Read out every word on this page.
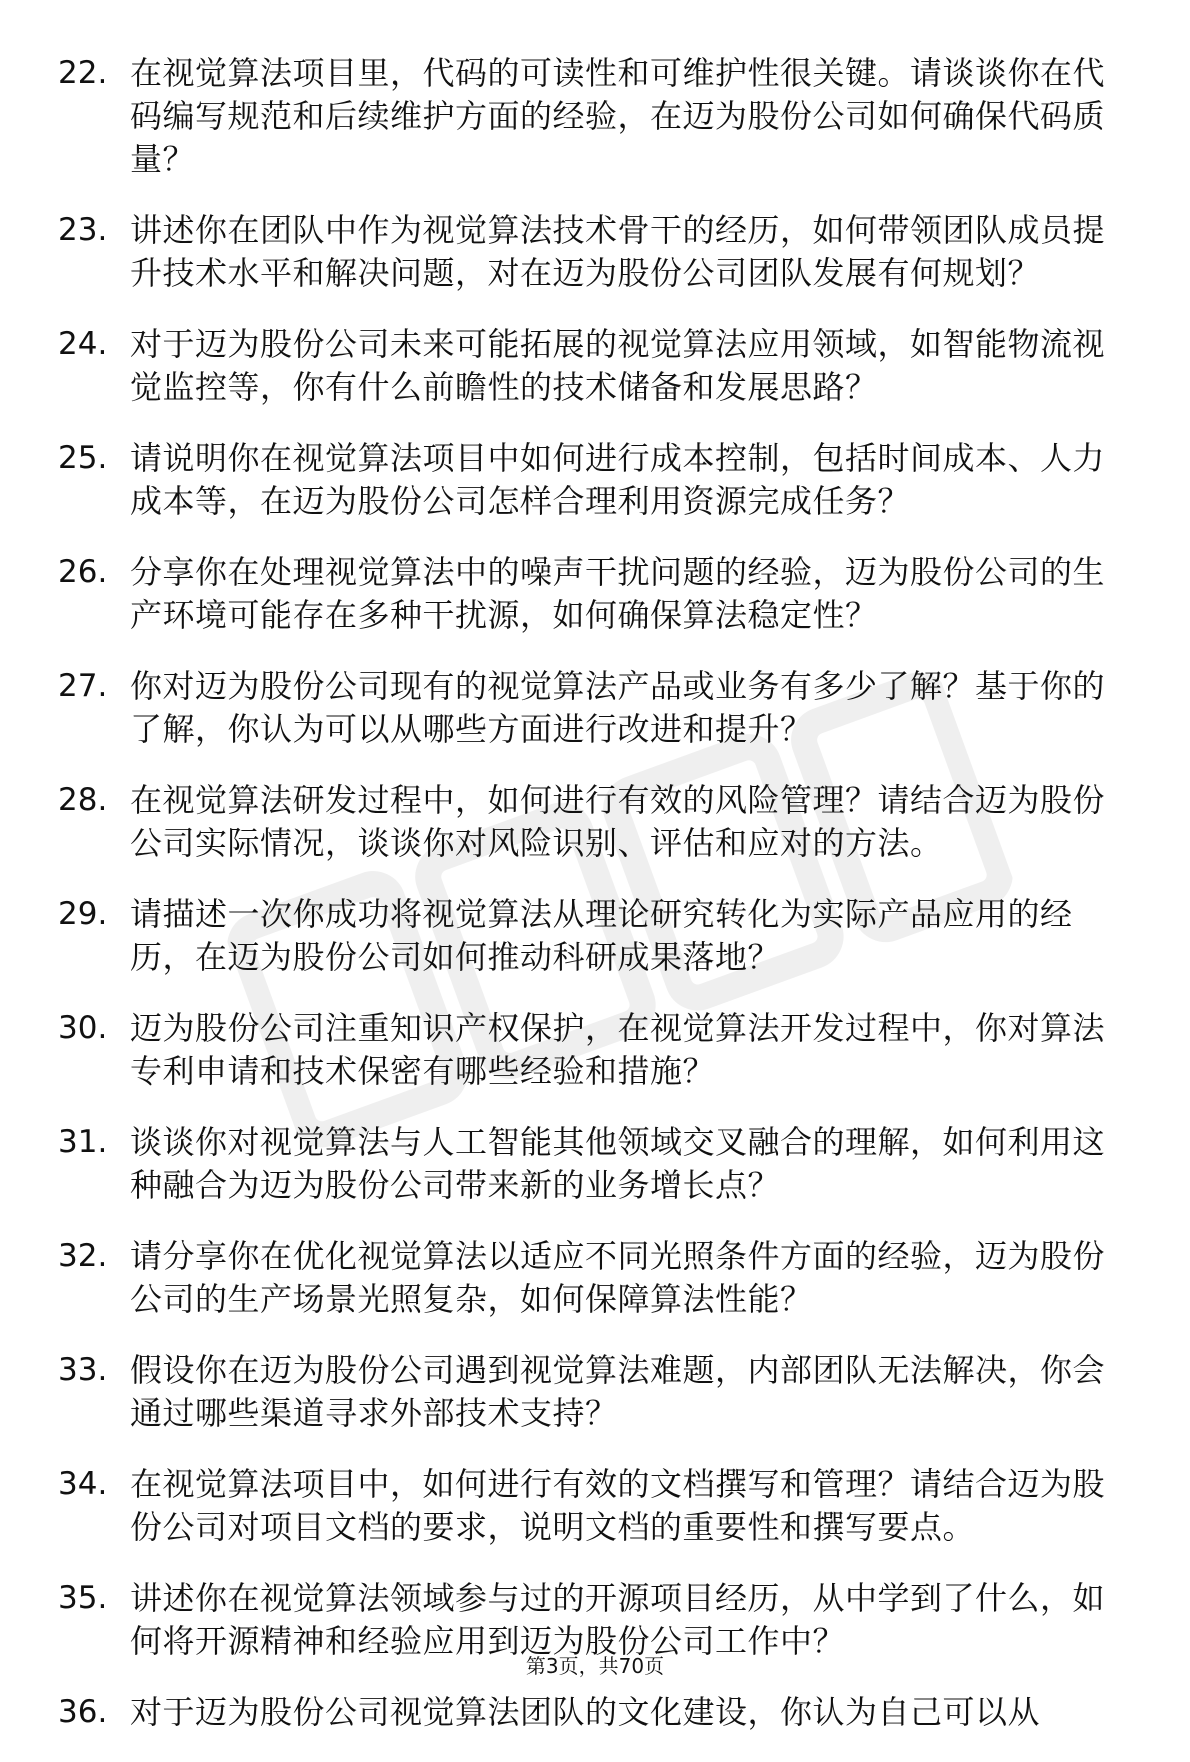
22. 在视觉算法项目里，代码的可读性和可维护性很关键。请谈谈你在代码编写规范和后续维护方面的经验，在迈为股份公司如何确保代码质量？
23. 讲述你在团队中作为视觉算法技术骨干的经历，如何带领团队成员提升技术水平和解决问题，对在迈为股份公司团队发展有何规划？
24. 对于迈为股份公司未来可能拓展的视觉算法应用领域，如智能物流视觉监控等，你有什么前瞻性的技术储备和发展思路？
25. 请说明你在视觉算法项目中如何进行成本控制，包括时间成本、人力成本等，在迈为股份公司怎样合理利用资源完成任务？
26. 分享你在处理视觉算法中的噪声干扰问题的经验，迈为股份公司的生产环境可能存在多种干扰源，如何确保算法稳定性？
27. 你对迈为股份公司现有的视觉算法产品或业务有多少了解？基于你的了解，你认为可以从哪些方面进行改进和提升？
28. 在视觉算法研发过程中，如何进行有效的风险管理？请结合迈为股份公司实际情况，谈谈你对风险识别、评估和应对的方法。
29. 请描述一次你成功将视觉算法从理论研究转化为实际产品应用的经历，在迈为股份公司如何推动科研成果落地？
30. 迈为股份公司注重知识产权保护，在视觉算法开发过程中，你对算法专利申请和技术保密有哪些经验和措施？
31. 谈谈你对视觉算法与人工智能其他领域交叉融合的理解，如何利用这种融合为迈为股份公司带来新的业务增长点？
32. 请分享你在优化视觉算法以适应不同光照条件方面的经验，迈为股份公司的生产场景光照复杂，如何保障算法性能？
33. 假设你在迈为股份公司遇到视觉算法难题，内部团队无法解决，你会通过哪些渠道寻求外部技术支持？
34. 在视觉算法项目中，如何进行有效的文档撰写和管理？请结合迈为股份公司对项目文档的要求，说明文档的重要性和撰写要点。
35. 讲述你在视觉算法领域参与过的开源项目经历，从中学到了什么，如何将开源精神和经验应用到迈为股份公司工作中？
36. 对于迈为股份公司视觉算法团队的文化建设，你认为自己可以从
第3页，共70页
